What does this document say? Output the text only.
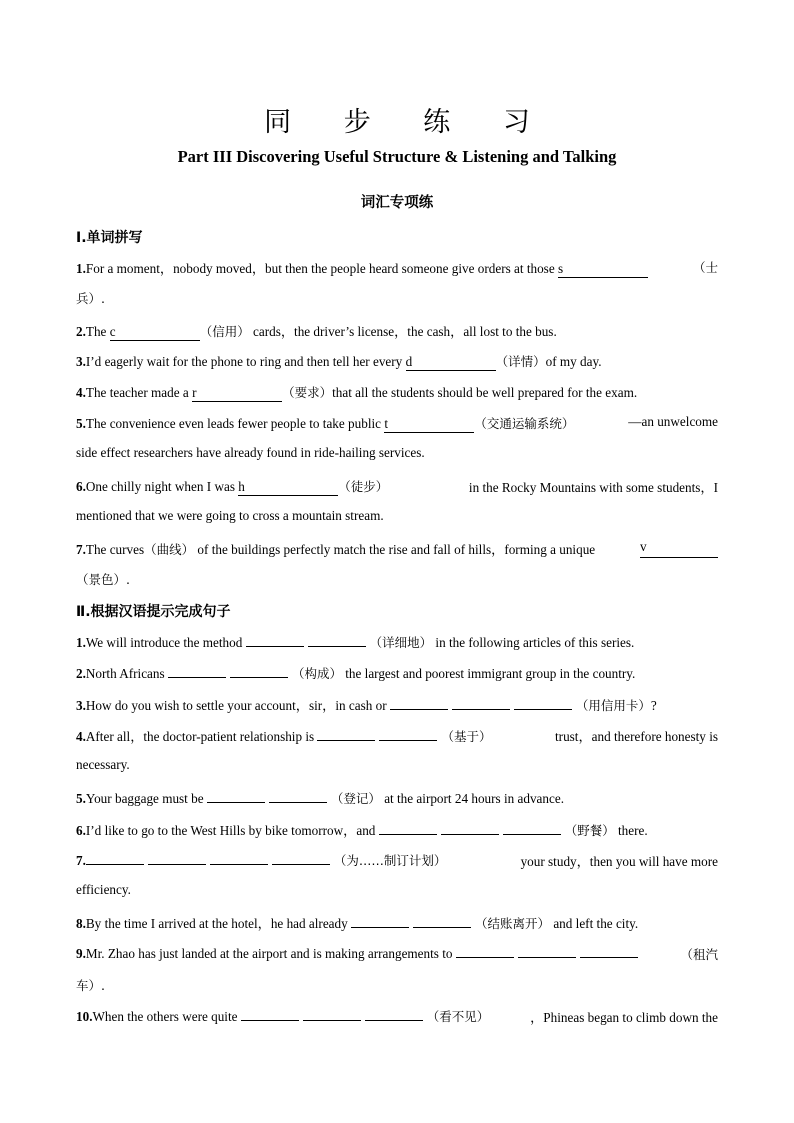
同 步 练 习
Part III Discovering Useful Structure & Listening and Talking
词汇专项练
Ⅰ.单词拼写
1.For a moment，nobody moved，but then the people heard someone give orders at those s	（士
兵）.
2.The c	（信用） cards，the driver’s license，the cash，all lost to the bus.
3.I’d eagerly wait for the phone to ring and then tell her every d	（详情）of my day.
4.The teacher made a r	（要求）that all the students should be well prepared for the exam.
5.The convenience even leads fewer people to take public t	（交通运输系统）	—an unwelcome
side effect researchers have already found in ride-hailing services.
6.One chilly night when I was h	（徒步）	in the Rocky Mountains with some students，I
mentioned that we were going to cross a mountain stream.
7.The curves（曲线） of the buildings perfectly match the rise and fall of hills，forming a unique	v
（景色）.
Ⅱ.根据汉语提示完成句子
1.We will introduce the method	（详细地） in the following articles of this series.
2.North Africans	（构成） the largest and poorest immigrant group in the country.
3.How do you wish to settle your account，sir，in cash or	（用信用卡）?
4.After all，the doctor-patient relationship is	（基于）	trust，and therefore honesty is
necessary.
5.Your baggage must be	（登记） at the airport 24 hours in advance.
6.I’d like to go to the West Hills by bike tomorrow，and	（野餐） there.
7.	（为……制订计划）	your study，then you will have more
efficiency.
8.By the time I arrived at the hotel，he had already	（结账离开） and left the city.
9.Mr. Zhao has just landed at the airport and is making arrangements to	（租汽
车）.
10.When the others were quite	（看不见）	，Phineas began to climb down the
